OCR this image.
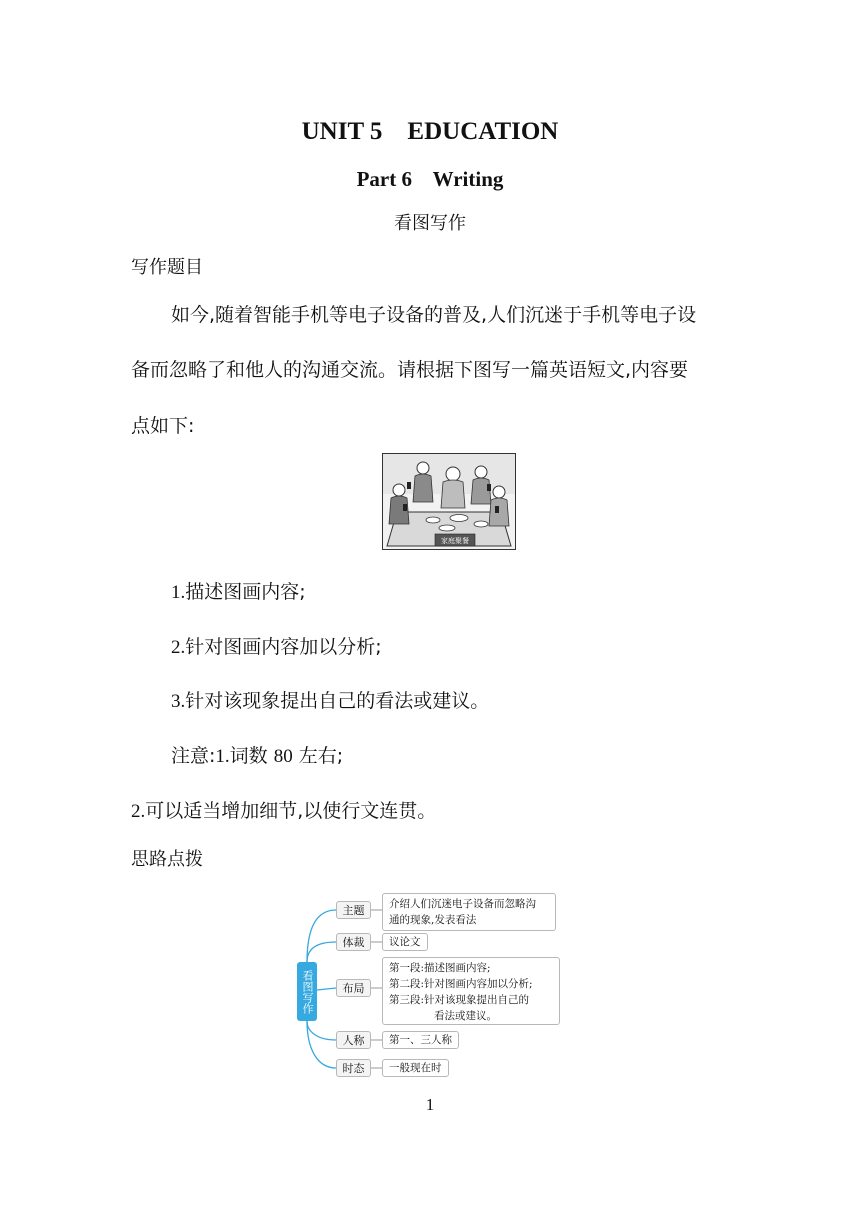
UNIT 5    EDUCATION
Part 6    Writing
看图写作
写作题目
如今,随着智能手机等电子设备的普及,人们沉迷于手机等电子设
备而忽略了和他人的沟通交流。请根据下图写一篇英语短文,内容要
点如下:
家庭聚餐
1.描述图画内容;
2.针对图画内容加以分析;
3.针对该现象提出自己的看法或建议。
注意:1.词数 80 左右;
2.可以适当增加细节,以使行文连贯。
思路点拨
看图写作
主题	介绍人们沉迷电子设备而忽略沟
通的现象,发表看法
体裁	议论文
布局
第一段:描述图画内容;
第二段:针对图画内容加以分析;
第三段:针对该现象提出自己的
看法或建议。
人称	第一、三人称
时态	一般现在时
1
